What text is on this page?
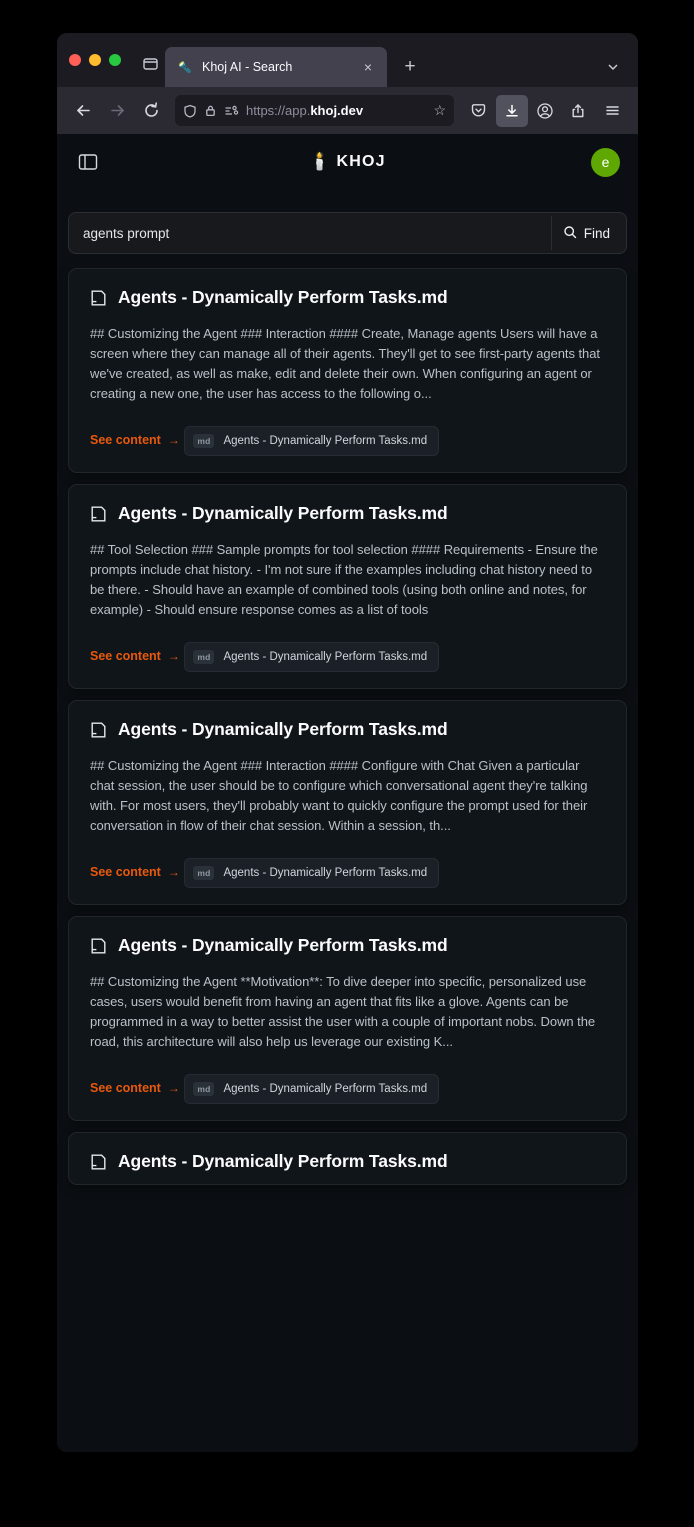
🔦 Khoj AI - Search	×	+
https://app.khoj.dev	☆
🕯️ KHOJ	e
agents prompt
Find
Agents - Dynamically Perform Tasks.md
## Customizing the Agent ### Interaction #### Create, Manage agents Users will have a screen where they can manage all of their agents. They'll get to see first-party agents that we've created, as well as make, edit and delete their own. When configuring an agent or creating a new one, the user has access to the following o...
See content →
	md	Agents - Dynamically Perform Tasks.md
Agents - Dynamically Perform Tasks.md
## Tool Selection ### Sample prompts for tool selection #### Requirements - Ensure the prompts include chat history. - I'm not sure if the examples including chat history need to be there. - Should have an example of combined tools (using both online and notes, for example) - Should ensure response comes as a list of tools
See content →
	md	Agents - Dynamically Perform Tasks.md
Agents - Dynamically Perform Tasks.md
## Customizing the Agent ### Interaction #### Configure with Chat Given a particular chat session, the user should be to configure which conversational agent they're talking with. For most users, they'll probably want to quickly configure the prompt used for their conversation in flow of their chat session. Within a session, th...
See content →
	md	Agents - Dynamically Perform Tasks.md
Agents - Dynamically Perform Tasks.md
## Customizing the Agent **Motivation**: To dive deeper into specific, personalized use cases, users would benefit from having an agent that fits like a glove. Agents can be programmed in a way to better assist the user with a couple of important nobs. Down the road, this architecture will also help us leverage our existing K...
See content →
	md	Agents - Dynamically Perform Tasks.md
Agents - Dynamically Perform Tasks.md
